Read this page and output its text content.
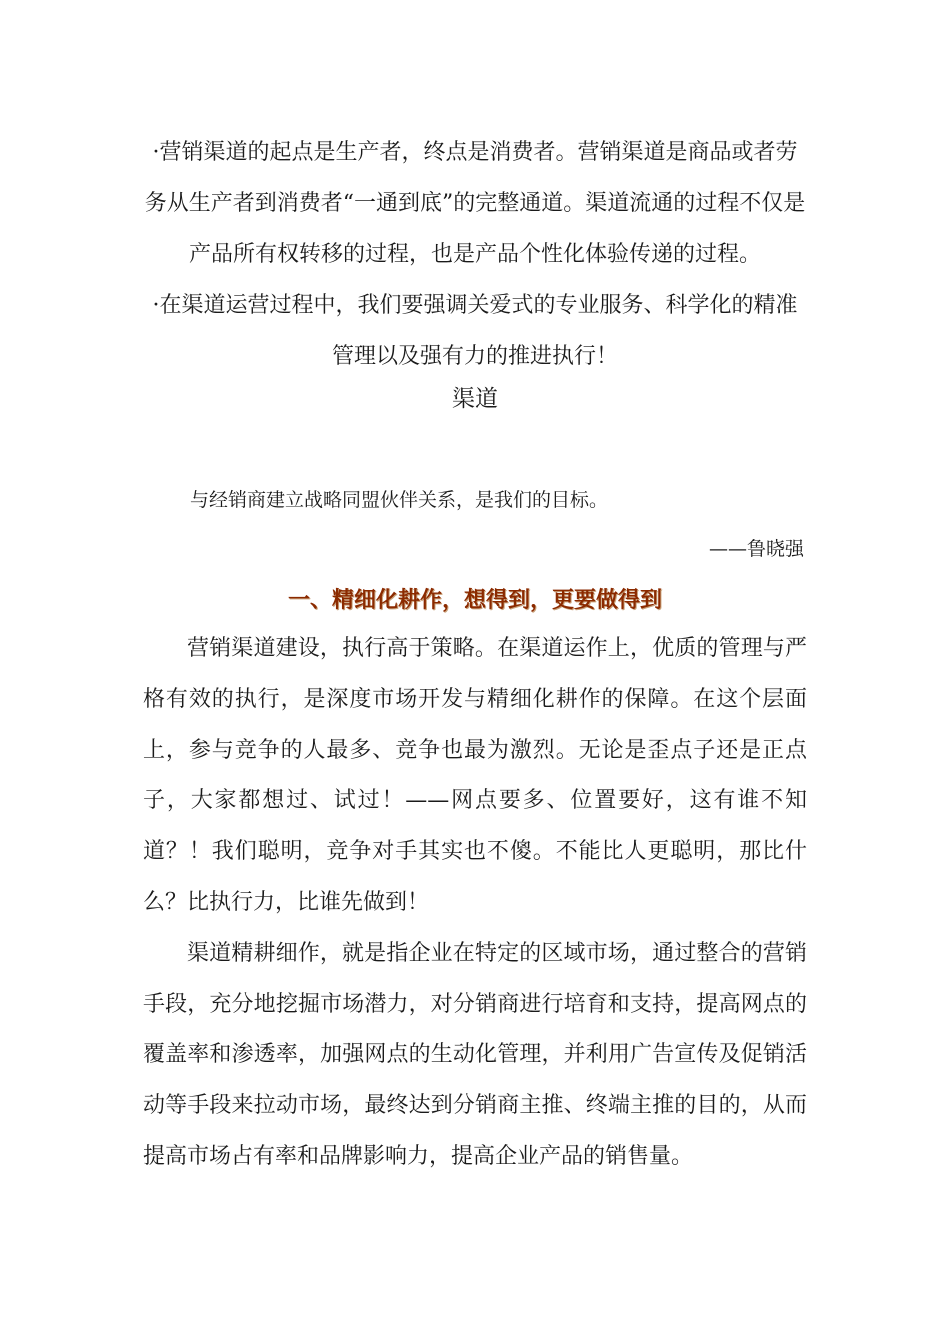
·营销渠道的起点是生产者，终点是消费者。营销渠道是商品或者劳务从生产者到消费者“一通到底”的完整通道。渠道流通的过程不仅是产品所有权转移的过程，也是产品个性化体验传递的过程。

·在渠道运营过程中，我们要强调关爱式的专业服务、科学化的精准管理以及强有力的推进执行！

渠道
与经销商建立战略同盟伙伴关系，是我们的目标。
——鲁晓强
一、精细化耕作，想得到，更要做得到

营销渠道建设，执行高于策略。在渠道运作上，优质的管理与严格有效的执行，是深度市场开发与精细化耕作的保障。在这个层面上，参与竞争的人最多、竞争也最为激烈。无论是歪点子还是正点子，大家都想过、试过！——网点要多、位置要好，这有谁不知道？！我们聪明，竞争对手其实也不傻。不能比人更聪明，那比什么？比执行力，比谁先做到！

渠道精耕细作，就是指企业在特定的区域市场，通过整合的营销手段，充分地挖掘市场潜力，对分销商进行培育和支持，提高网点的覆盖率和渗透率，加强网点的生动化管理，并利用广告宣传及促销活动等手段来拉动市场，最终达到分销商主推、终端主推的目的，从而提高市场占有率和品牌影响力，提高企业产品的销售量。
